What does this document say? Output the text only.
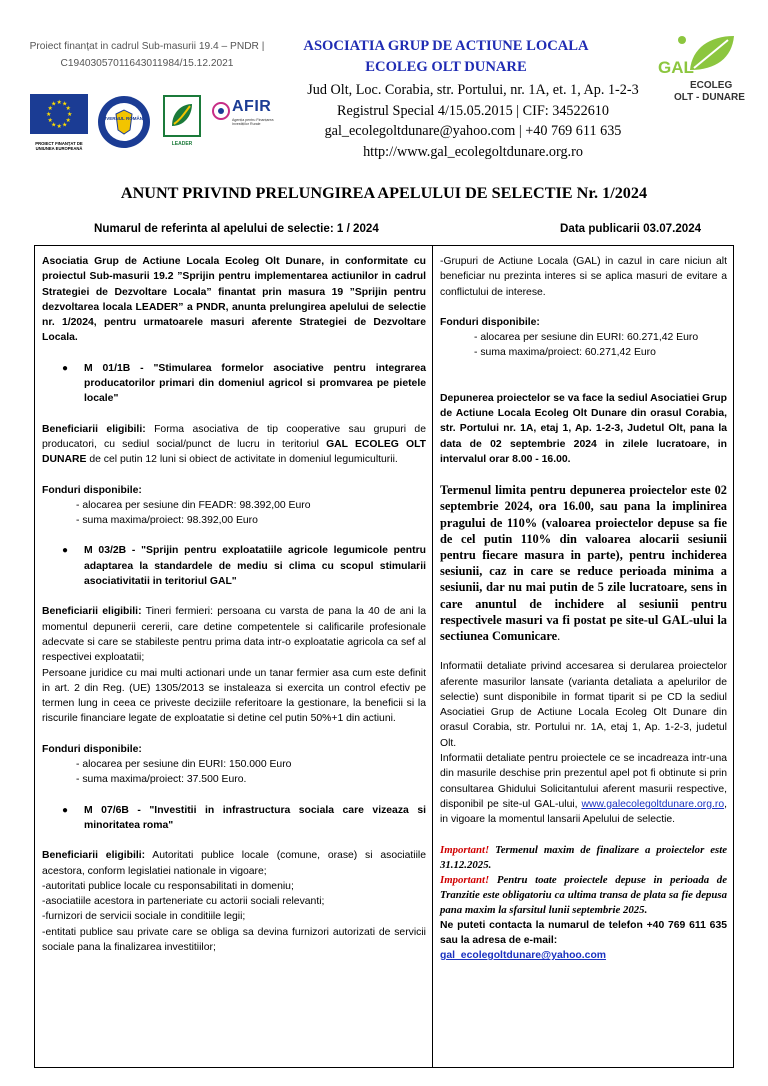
Proiect finanțat in cadrul Sub-masurii 19.4 – PNDR | C19403057011643011984/15.12.2021
★ ★
★
★
★
★
★
★
★
★
★
★
PROIECT FINANȚAT DE UNIUNEA EUROPEANĂ
GUVERNUL ROMÂNIEI
LEADER
AFIR
Agenția pentru Finanțarea Investițiilor Rurale
ASOCIATIA GRUP DE ACTIUNE LOCALA
ECOLEG OLT DUNARE
Jud Olt, Loc. Corabia, str. Portului, nr. 1A, et. 1, Ap. 1-2-3
Registrul Special 4/15.05.2015 | CIF: 34522610
gal_ecolegoltdunare@yahoo.com | +40 769 611 635
http://www.gal_ecolegoltdunare.org.ro
GAL
ECOLEG
OLT - DUNARE
ANUNT PRIVIND PRELUNGIREA APELULUI DE SELECTIE Nr. 1/2024
Numarul de referinta al apelului de selectie: 1 / 2024	Data publicarii 03.07.2024

Asociatia Grup de Actiune Locala Ecoleg Olt Dunare, in conformitate cu proiectul Sub-masurii 19.2 ”Sprijin pentru implementarea actiunilor in cadrul Strategiei de Dezvoltare Locala” finantat prin masura 19 ”Sprijin pentru dezvoltarea locala LEADER” a PNDR, anunta prelungirea apelului de selectie nr. 1/2024, pentru urmatoarele masuri aferente Strategiei de Dezvoltare Locala.

●	M 01/1B - "Stimularea formelor asociative pentru integrarea producatorilor primari din domeniul agricol si promvarea pe pietele locale"

Beneficiarii eligibili: Forma asociativa de tip cooperative sau grupuri de producatori, cu sediul social/punct de lucru in teritoriul GAL ECOLEG OLT DUNARE de cel putin 12 luni si obiect de activitate in domeniul legumiculturii.

Fonduri disponibile:

- alocarea per sesiune din FEADR: 98.392,00 Euro

- suma maxima/proiect: 98.392,00 Euro

●	M 03/2B - "Sprijin pentru exploatatiile agricole legumicole pentru adaptarea la standardele de mediu si clima cu scopul stimularii asociativitatii in teritoriul GAL"

Beneficiarii eligibili: Tineri fermieri: persoana cu varsta de pana la 40 de ani la momentul depunerii cererii, care detine competentele si calificarile profesionale adecvate si care se stabileste pentru prima data intr-o exploatatie agricola ca sef al respectivei exploatatii;

Persoane juridice cu mai multi actionari unde un tanar fermier asa cum este definit in art. 2 din Reg. (UE) 1305/2013 se instaleaza si exercita un control efectiv pe termen lung in ceea ce priveste deciziile referitoare la gestionare, la beneficii si la riscurile financiare legate de exploatatie si detine cel putin 50%+1 din actiuni.

Fonduri disponibile:

- alocarea per sesiune din EURI: 150.000 Euro

- suma maxima/proiect: 37.500 Euro.

●	M 07/6B - "Investitii in infrastructura sociala care vizeaza si minoritatea roma"

Beneficiarii eligibili: Autoritati publice locale (comune, orase) si asociatiile acestora, conform legislatiei nationale in vigoare;

-autoritati publice locale cu responsabilitati in domeniu;

-asociatiile acestora in parteneriate cu actorii sociali relevanti;

-furnizori de servicii sociale in conditiile legii;

-entitati publice sau private care se obliga sa devina furnizori autorizati de servicii sociale pana la finalizarea investitiilor;

-Grupuri de Actiune Locala (GAL) in cazul in care niciun alt beneficiar nu prezinta interes si se aplica masuri de evitare a conflictului de interese.

Fonduri disponibile:

- alocarea per sesiune din EURI: 60.271,42 Euro

- suma maxima/proiect: 60.271,42 Euro

Depunerea proiectelor se va face la sediul Asociatiei Grup de Actiune Locala Ecoleg Olt Dunare din orasul Corabia, str. Portului nr. 1A, etaj 1, Ap. 1-2-3, Judetul Olt, pana la data de 02 septembrie 2024 in zilele lucratoare, in intervalul orar 8.00 - 16.00.

Termenul limita pentru depunerea proiectelor este 02 septembrie 2024, ora 16.00, sau pana la implinirea pragului de 110% (valoarea proiectelor depuse sa fie de cel putin 110% din valoarea alocarii sesiunii pentru fiecare masura in parte), pentru inchiderea sesiunii, caz in care se reduce perioada minima a sesiunii, dar nu mai putin de 5 zile lucratoare, sens in care anuntul de inchidere al sesiunii pentru respectivele masuri va fi postat pe site-ul GAL-ului la sectiunea Comunicare.

Informatii detaliate privind accesarea si derularea proiectelor aferente masurilor lansate (varianta detaliata a apelurilor de selectie) sunt disponibile in format tiparit si pe CD la sediul Asociatiei Grup de Actiune Locala Ecoleg Olt Dunare din orasul Corabia, str. Portului nr. 1A, etaj 1, Ap. 1-2-3, judetul Olt.

Informatii detaliate pentru proiectele ce se incadreaza intr-una din masurile deschise prin prezentul apel pot fi obtinute si prin consultarea Ghidului Solicitantului aferent masurii respective, disponibil pe site-ul GAL-ului, www.galecolegoltdunare.org.ro, in vigoare la momentul lansarii Apelului de selectie.

Important! Termenul maxim de finalizare a proiectelor este 31.12.2025.

Important! Pentru toate proiectele depuse in perioada de Tranzitie este obligatoriu ca ultima transa de plata sa fie depusa pana maxim la sfarsitul lunii septembrie 2025.

Ne puteti contacta la numarul de telefon +40 769 611 635 sau la adresa de e-mail:

gal_ecolegoltdunare@yahoo.com
